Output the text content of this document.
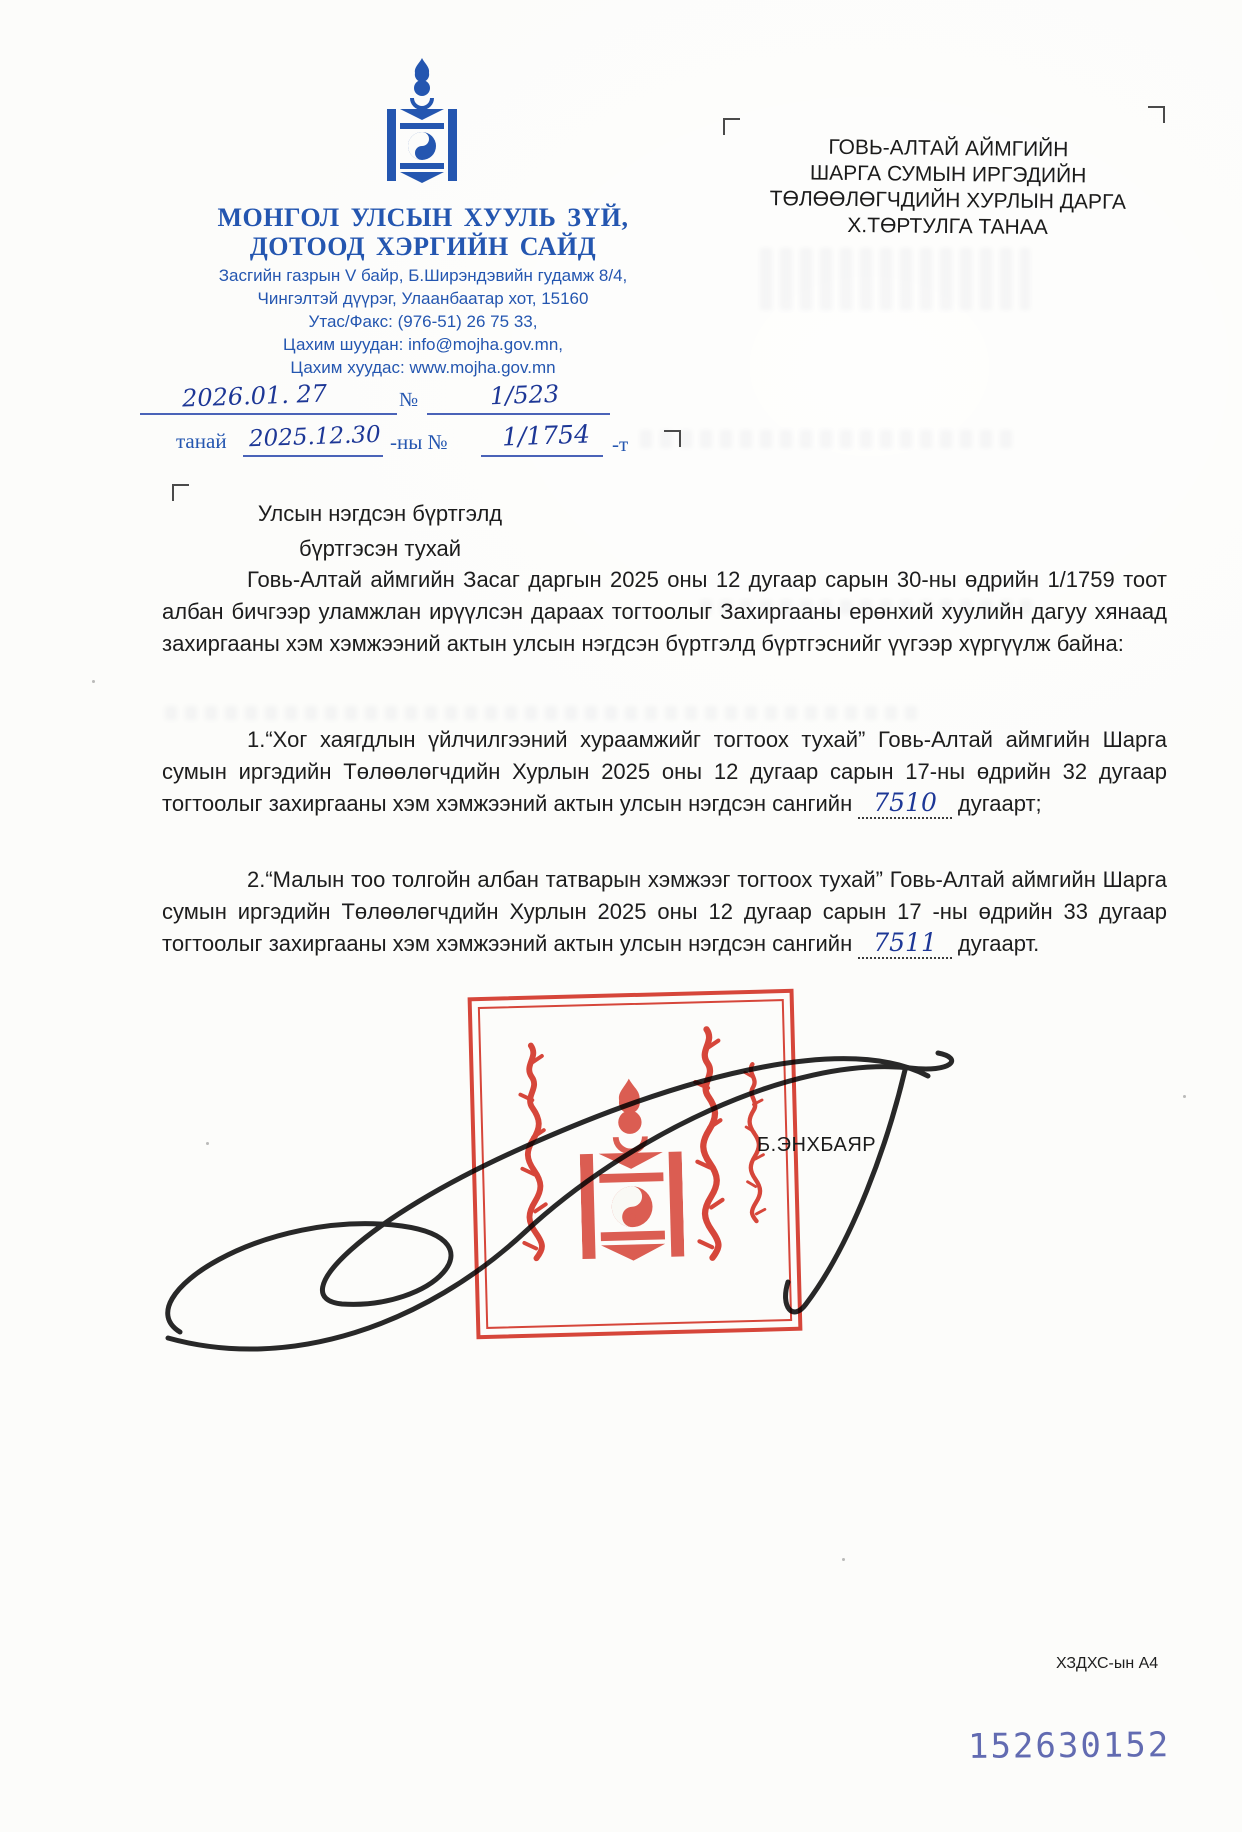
МОНГОЛ УЛСЫН ХУУЛЬ ЗҮЙ,
ДОТООД ХЭРГИЙН САЙД
Засгийн газрын V байр, Б.Ширэндэвийн гудамж 8/4,
Чингэлтэй дүүрэг, Улаанбаатар хот, 15160
Утас/Факс: (976-51) 26 75 33,
Цахим шуудан: info@mojha.gov.mn,
Цахим хуудас: www.mojha.gov.mn
2026.01. 27	№	1/523
танай 2025.12.30 -ны № 1/1754 -т
ГОВЬ-АЛТАЙ АЙМГИЙН
ШАРГА СУМЫН ИРГЭДИЙН
ТӨЛӨӨЛӨГЧДИЙН ХУРЛЫН ДАРГА
Х.ТӨРТУЛГА ТАНАА
Улсын нэгдсэн бүртгэлд
бүртгэсэн тухай

Говь-Алтай аймгийн Засаг даргын 2025 оны 12 дугаар сарын 30-ны өдрийн 1/1759 тоот албан бичгээр уламжлан ирүүлсэн дараах тогтоолыг Захиргааны ерөнхий хуулийн дагуу хянаад захиргааны хэм хэмжээний актын улсын нэгдсэн бүртгэлд бүртгэснийг үүгээр хүргүүлж байна:

1.“Хог хаягдлын үйлчилгээний хураамжийг тогтоох тухай” Говь-Алтай аймгийн Шарга сумын иргэдийн Төлөөлөгчдийн Хурлын 2025 оны 12 дугаар сарын 17-ны өдрийн 32 дугаар тогтоолыг захиргааны хэм хэмжээний актын улсын нэгдсэн сангийн 7510 дугаарт;

2.“Малын тоо толгойн албан татварын хэмжээг тогтоох тухай” Говь-Алтай аймгийн Шарга сумын иргэдийн Төлөөлөгчдийн Хурлын 2025 оны 12 дугаар сарын 17 -ны өдрийн 33 дугаар тогтоолыг захиргааны хэм хэмжээний актын улсын нэгдсэн сангийн 7511 дугаарт.

Б.ЭНХБАЯР
ХЗДХС-ын А4
152630152
